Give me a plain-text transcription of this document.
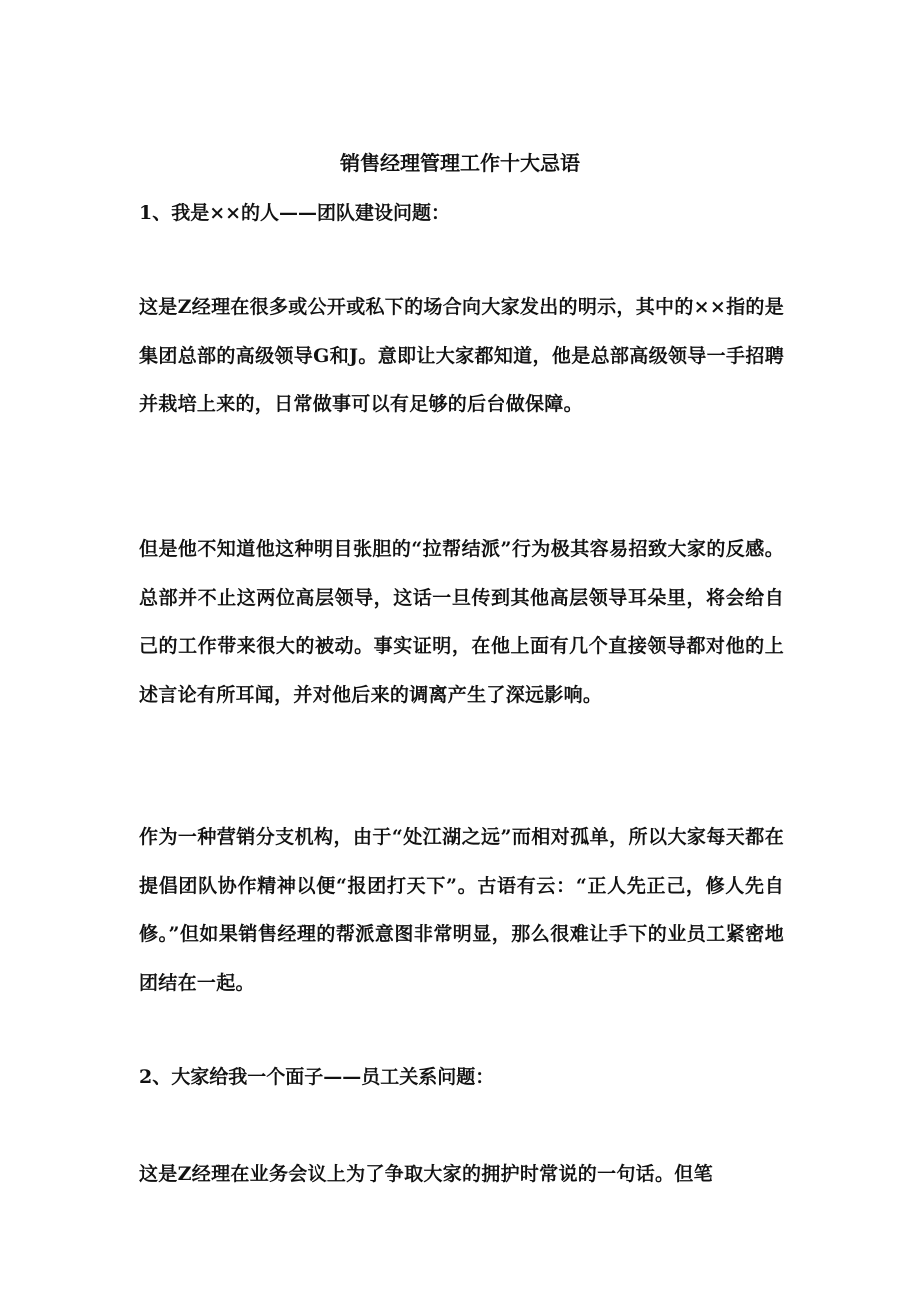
销售经理管理工作十大忌语
1、我是××的人——团队建设问题：

这是Z经理在很多或公开或私下的场合向大家发出的明示，其中的××指的是集团总部的高级领导G和J。意即让大家都知道，他是总部高级领导一手招聘并栽培上来的，日常做事可以有足够的后台做保障。

但是他不知道他这种明目张胆的“拉帮结派”行为极其容易招致大家的反感。总部并不止这两位高层领导，这话一旦传到其他高层领导耳朵里，将会给自己的工作带来很大的被动。事实证明，在他上面有几个直接领导都对他的上述言论有所耳闻，并对他后来的调离产生了深远影响。

作为一种营销分支机构，由于“处江湖之远”而相对孤单，所以大家每天都在提倡团队协作精神以便“报团打天下”。古语有云：“正人先正己，修人先自修。”但如果销售经理的帮派意图非常明显，那么很难让手下的业员工紧密地团结在一起。

2、大家给我一个面子——员工关系问题：

这是Z经理在业务会议上为了争取大家的拥护时常说的一句话。但笔
